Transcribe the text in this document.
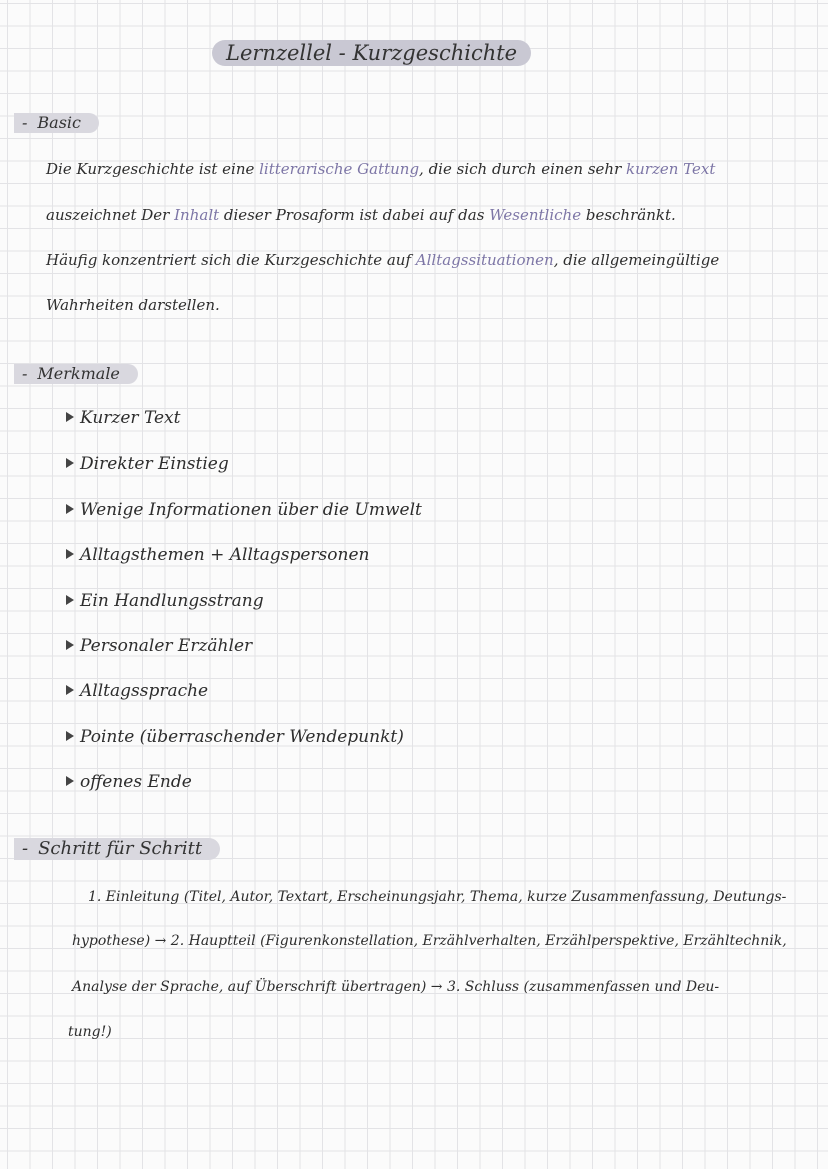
Lernzellel - Kurzgeschichte
- Basic
Die Kurzgeschichte ist eine litterarische Gattung, die sich durch einen sehr kurzen Text
auszeichnet Der Inhalt dieser Prosaform ist dabei auf das Wesentliche beschränkt.
Häufig konzentriert sich die Kurzgeschichte auf Alltagssituationen, die allgemeingültige
Wahrheiten darstellen.
- Merkmale
Kurzer Text
Direkter Einstieg
Wenige Informationen über die Umwelt
Alltagsthemen + Alltagspersonen
Ein Handlungsstrang
Personaler Erzähler
Alltagssprache
Pointe (überraschender Wendepunkt)
offenes Ende
- Schritt für Schritt
1. Einleitung (Titel, Autor, Textart, Erscheinungsjahr, Thema, kurze Zusammenfassung, Deutungs-
hypothese) → 2. Hauptteil (Figurenkonstellation, Erzählverhalten, Erzählperspektive, Erzähltechnik,
Analyse der Sprache, auf Überschrift übertragen) → 3. Schluss (zusammenfassen und Deu-
tung!)
